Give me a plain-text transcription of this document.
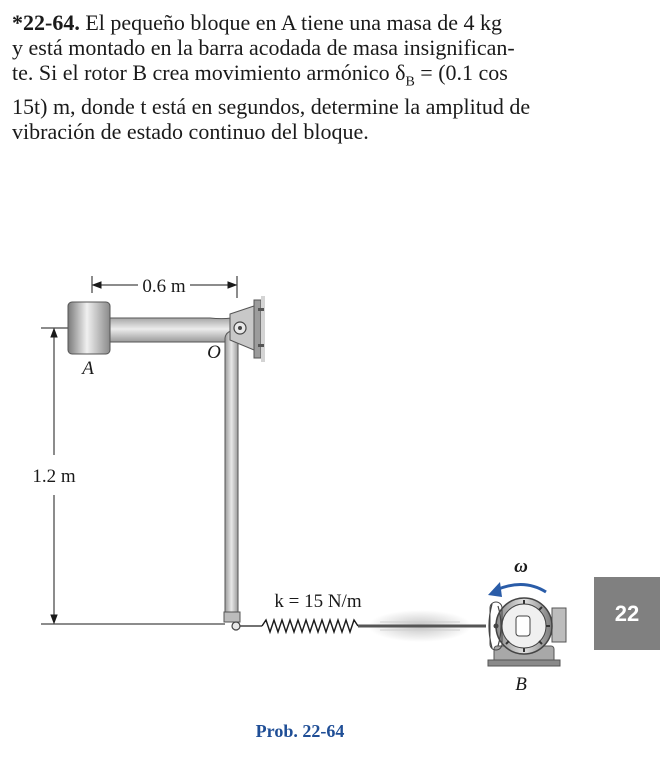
*22-64. El pequeño bloque en A tiene una masa de 4 kg
y está montado en la barra acodada de masa insignifican-
te. Si el rotor B crea movimiento armónico $\delta_B = (0.1$ cos
15t) m, donde t está en segundos, determine la amplitud de
vibración de estado continuo del bloque.
0.6 m
1.2 m
A
O
k = 15 N/m
ω
B
Prob. 22-64
22
